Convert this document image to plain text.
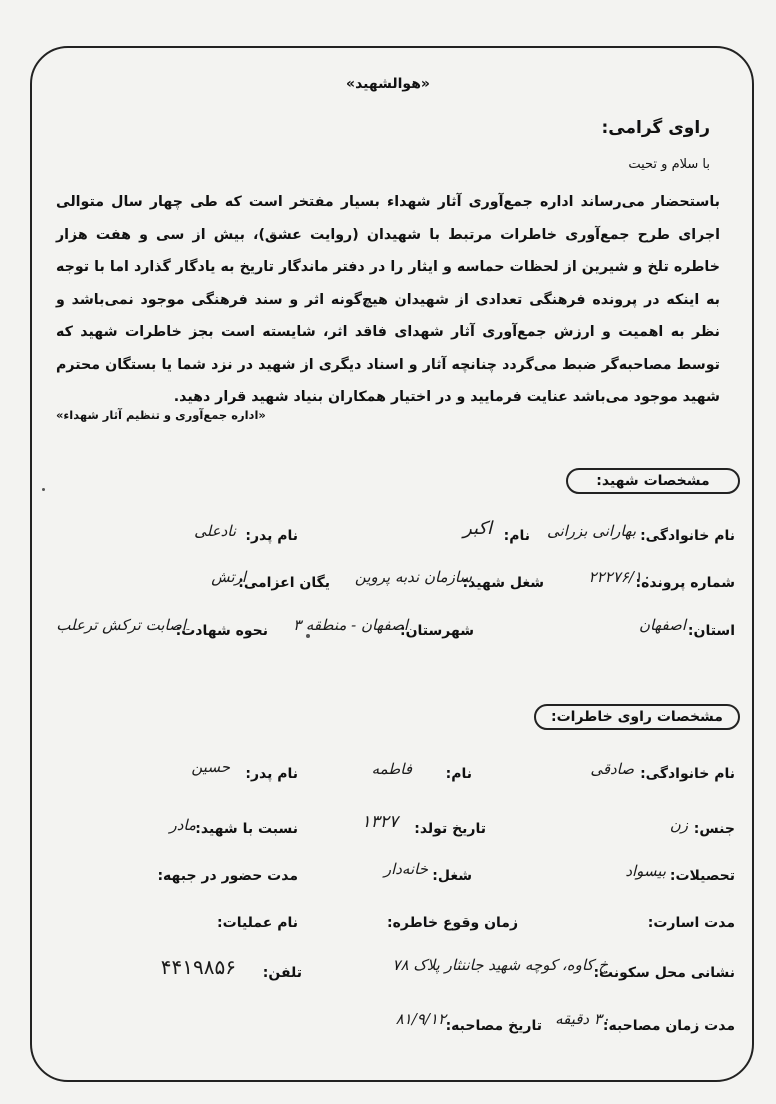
«هوالشهید»
راوی گرامی:
با سلام و تحیت
باستحضار می‌رساند اداره جمع‌آوری آثار شهداء بسیار مفتخر است که طی چهار سال متوالی اجرای طرح جمع‌آوری خاطرات مرتبط با شهیدان (روایت عشق)، بیش از سی و هفت هزار خاطره تلخ و شیرین از لحظات حماسه و ایثار را در دفتر ماندگار تاریخ به یادگار گذارد اما با توجه به اینکه در پرونده فرهنگی تعدادی از شهیدان هیچ‌گونه اثر و سند فرهنگی موجود نمی‌باشد و نظر به اهمیت و ارزش جمع‌آوری آثار شهدای فاقد اثر، شایسته است بجز خاطرات شهید که توسط مصاحبه‌گر ضبط می‌گردد چنانچه آثار و اسناد دیگری از شهید در نزد شما یا بستگان محترم شهید موجود می‌باشد عنایت فرمایید و در اختیار همکاران بنیاد شهید قرار دهید.
«اداره جمع‌آوری و تنظیم آثار شهداء»
مشخصات شهید:
نام خانوادگی:
بهارانی بزرانی
نام:
اکبر
نام پدر:
نادعلی
شماره پرونده:
۲۲۲۷۶/۱۰
شغل شهید:
سازمان ندبه پروین
یگان اعزامی:
ارتش
استان:
اصفهان
شهرستان:
اصفهان - منطقه ۳
نحوه شهادت:
اصابت ترکش ترعلب
مشخصات راوی خاطرات:
نام خانوادگی:
صادقی
نام:
فاطمه
نام پدر:
حسین
جنس:
زن
تاریخ تولد:
۱۳۲۷
نسبت با شهید:
مادر
تحصیلات:
بیسواد
شغل:
خانه‌دار
مدت حضور در جبهه:
مدت اسارت:
زمان وقوع خاطره:
نام عملیات:
نشانی محل سکونت:
خ کاوه، کوچه شهید جاننثار پلاک ۷۸
تلفن:
۴۴۱۹۸۵۶
مدت زمان مصاحبه:
۳۰ دقیقه
تاریخ مصاحبه:
۸۱/۹/۱۲
